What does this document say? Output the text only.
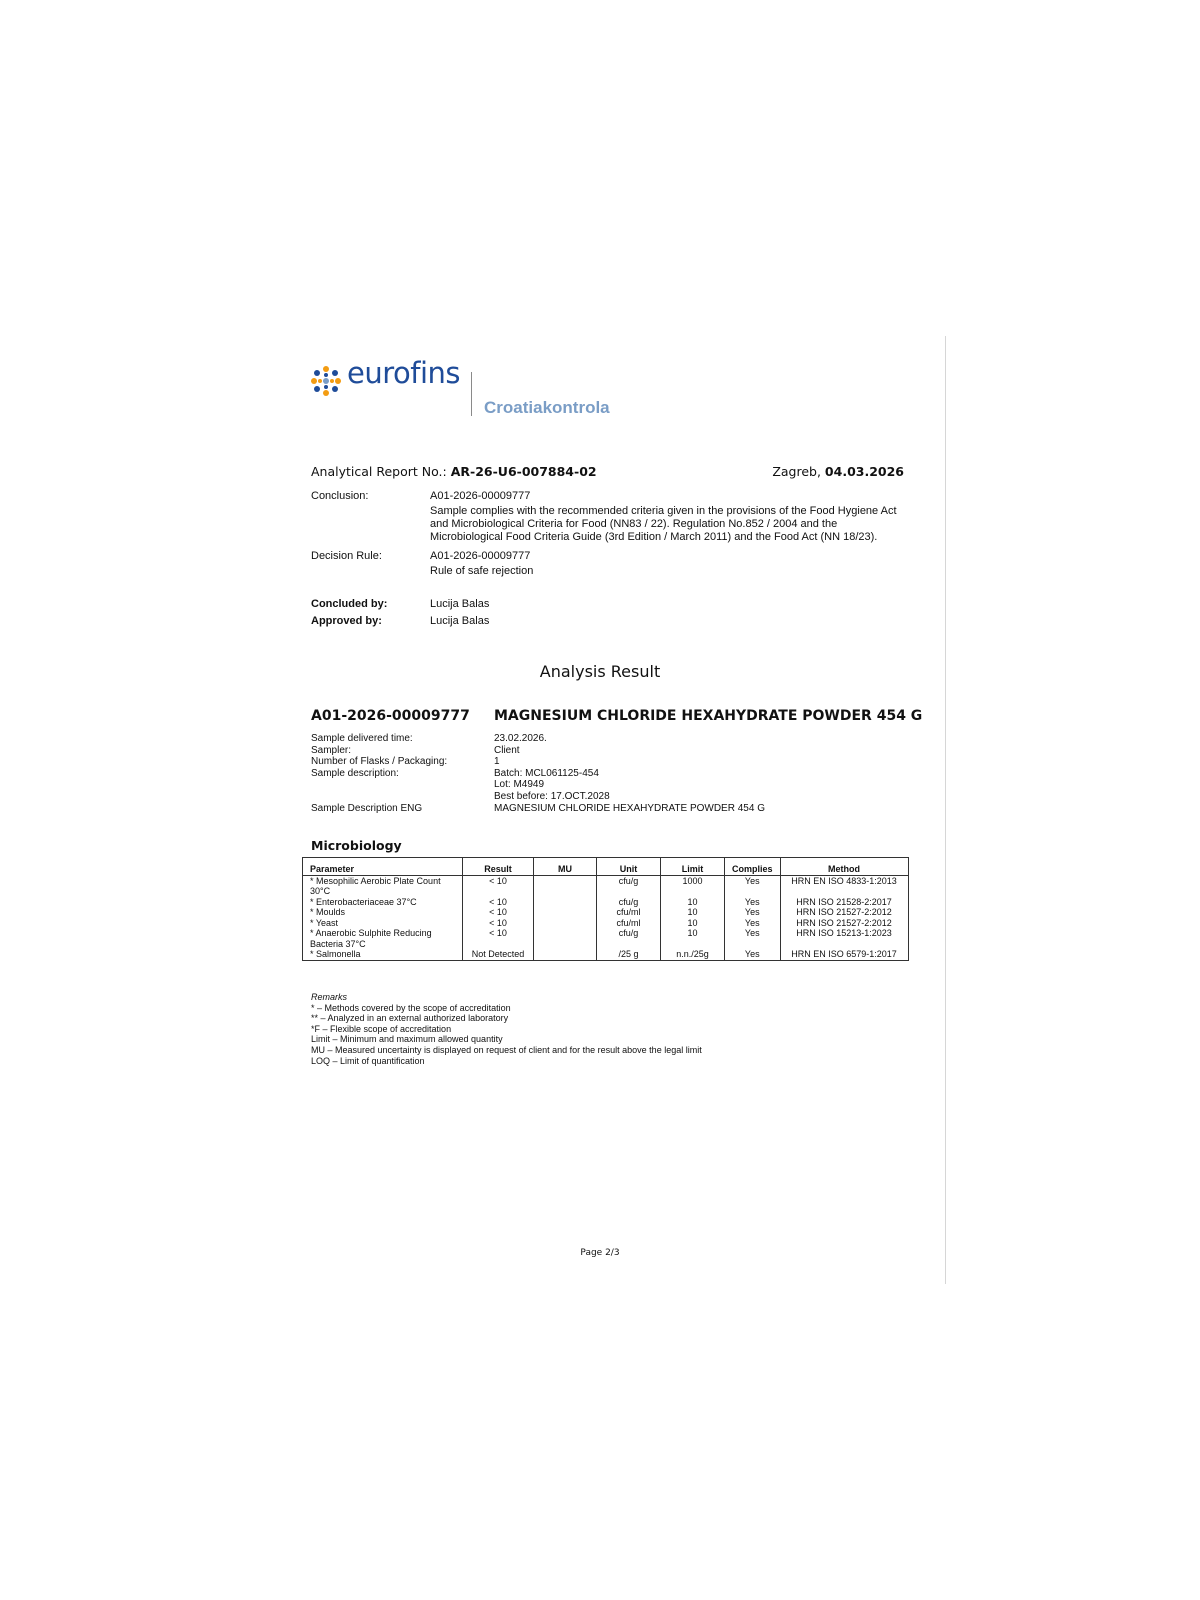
eurofins
Croatiakontrola
Analytical Report No.: AR-26-U6-007884-02	Zagreb, 04.03.2026
Conclusion:	A01-2026-00009777
Sample complies with the recommended criteria given in the provisions of the Food Hygiene Act and Microbiological Criteria for Food (NN83 / 22). Regulation No.852 / 2004 and the Microbiological Food Criteria Guide (3rd Edition / March 2011) and the Food Act (NN 18/23).
Decision Rule:	A01-2026-00009777
Rule of safe rejection
Concluded by:	Lucija Balas
Approved by:	Lucija Balas
Analysis Result
A01-2026-00009777 MAGNESIUM CHLORIDE HEXAHYDRATE POWDER 454 G
Sample delivered time:	23.02.2026.
Sampler:	Client
Number of Flasks / Packaging:	1
Sample description:	Batch: MCL061125-454
Lot: M4949
Best before: 17.OCT.2028
Sample Description ENG	MAGNESIUM CHLORIDE HEXAHYDRATE POWDER 454 G
Microbiology
Parameter	Result	MU	Unit	Limit	Complies	Method
* Mesophilic Aerobic Plate Count 30°C	< 10		cfu/g	1000	Yes	HRN EN ISO 4833-1:2013
* Enterobacteriaceae 37°C	< 10		cfu/g	10	Yes	HRN ISO 21528-2:2017
* Moulds	< 10		cfu/ml	10	Yes	HRN ISO 21527-2:2012
* Yeast	< 10		cfu/ml	10	Yes	HRN ISO 21527-2:2012
* Anaerobic Sulphite Reducing Bacteria 37°C	< 10		cfu/g	10	Yes	HRN ISO 15213-1:2023
* Salmonella	Not Detected		/25 g	n.n./25g	Yes	HRN EN ISO 6579-1:2017
Remarks
* – Methods covered by the scope of accreditation
** – Analyzed in an external authorized laboratory
*F – Flexible scope of accreditation
Limit – Minimum and maximum allowed quantity
MU – Measured uncertainty is displayed on request of client and for the result above the legal limit
LOQ – Limit of quantification
Page 2/3
